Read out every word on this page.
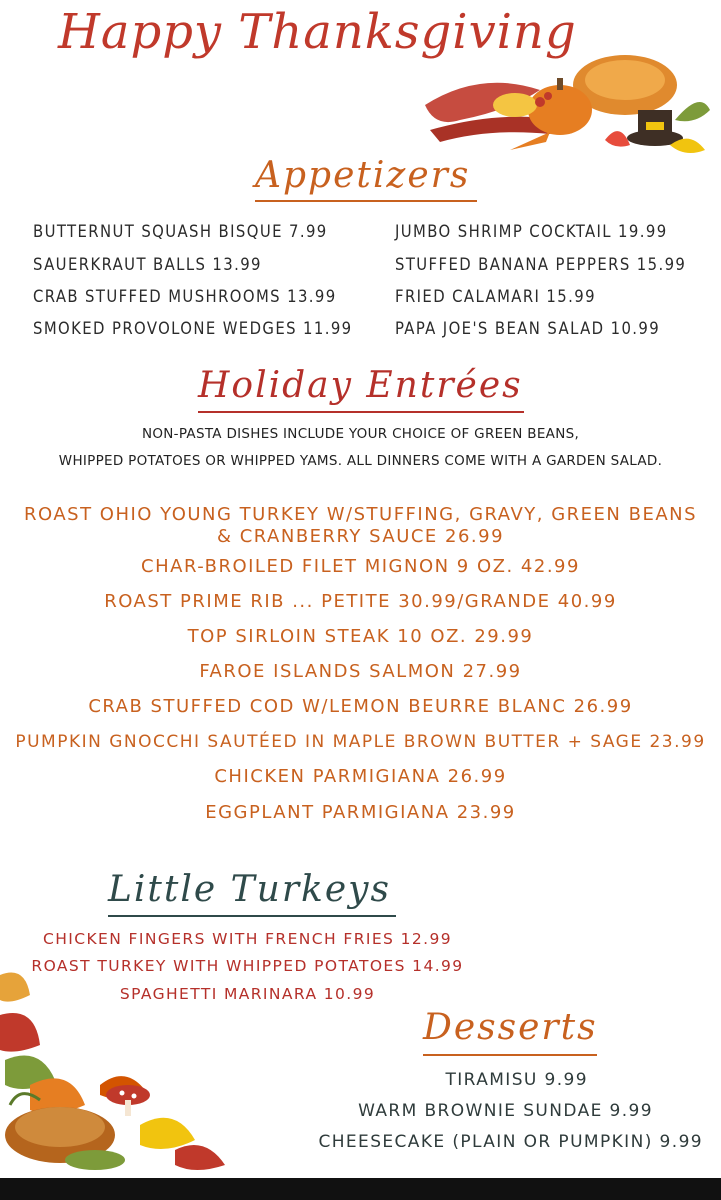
Happy Thanksgiving
Appetizers
BUTTERNUT SQUASH BISQUE 7.99
SAUERKRAUT BALLS 13.99
CRAB STUFFED MUSHROOMS 13.99
SMOKED PROVOLONE WEDGES 11.99
JUMBO SHRIMP COCKTAIL 19.99
STUFFED BANANA PEPPERS 15.99
FRIED CALAMARI 15.99
PAPA JOE'S BEAN SALAD 10.99
Holiday Entrées
NON-PASTA DISHES INCLUDE YOUR CHOICE OF GREEN BEANS,
WHIPPED POTATOES OR WHIPPED YAMS. ALL DINNERS COME WITH A GARDEN SALAD.
ROAST OHIO YOUNG TURKEY W/STUFFING, GRAVY, GREEN BEANS
& CRANBERRY SAUCE 26.99
CHAR-BROILED FILET MIGNON 9 OZ. 42.99
ROAST PRIME RIB ... PETITE 30.99/GRANDE 40.99
TOP SIRLOIN STEAK 10 OZ. 29.99
FAROE ISLANDS SALMON 27.99
CRAB STUFFED COD W/LEMON BEURRE BLANC 26.99
PUMPKIN GNOCCHI SAUTÉED IN MAPLE BROWN BUTTER + SAGE 23.99
CHICKEN PARMIGIANA 26.99
EGGPLANT PARMIGIANA 23.99
Little Turkeys
CHICKEN FINGERS WITH FRENCH FRIES 12.99
ROAST TURKEY WITH WHIPPED POTATOES 14.99
SPAGHETTI MARINARA 10.99
Desserts
TIRAMISU 9.99
WARM BROWNIE SUNDAE 9.99
CHEESECAKE (PLAIN OR PUMPKIN) 9.99
